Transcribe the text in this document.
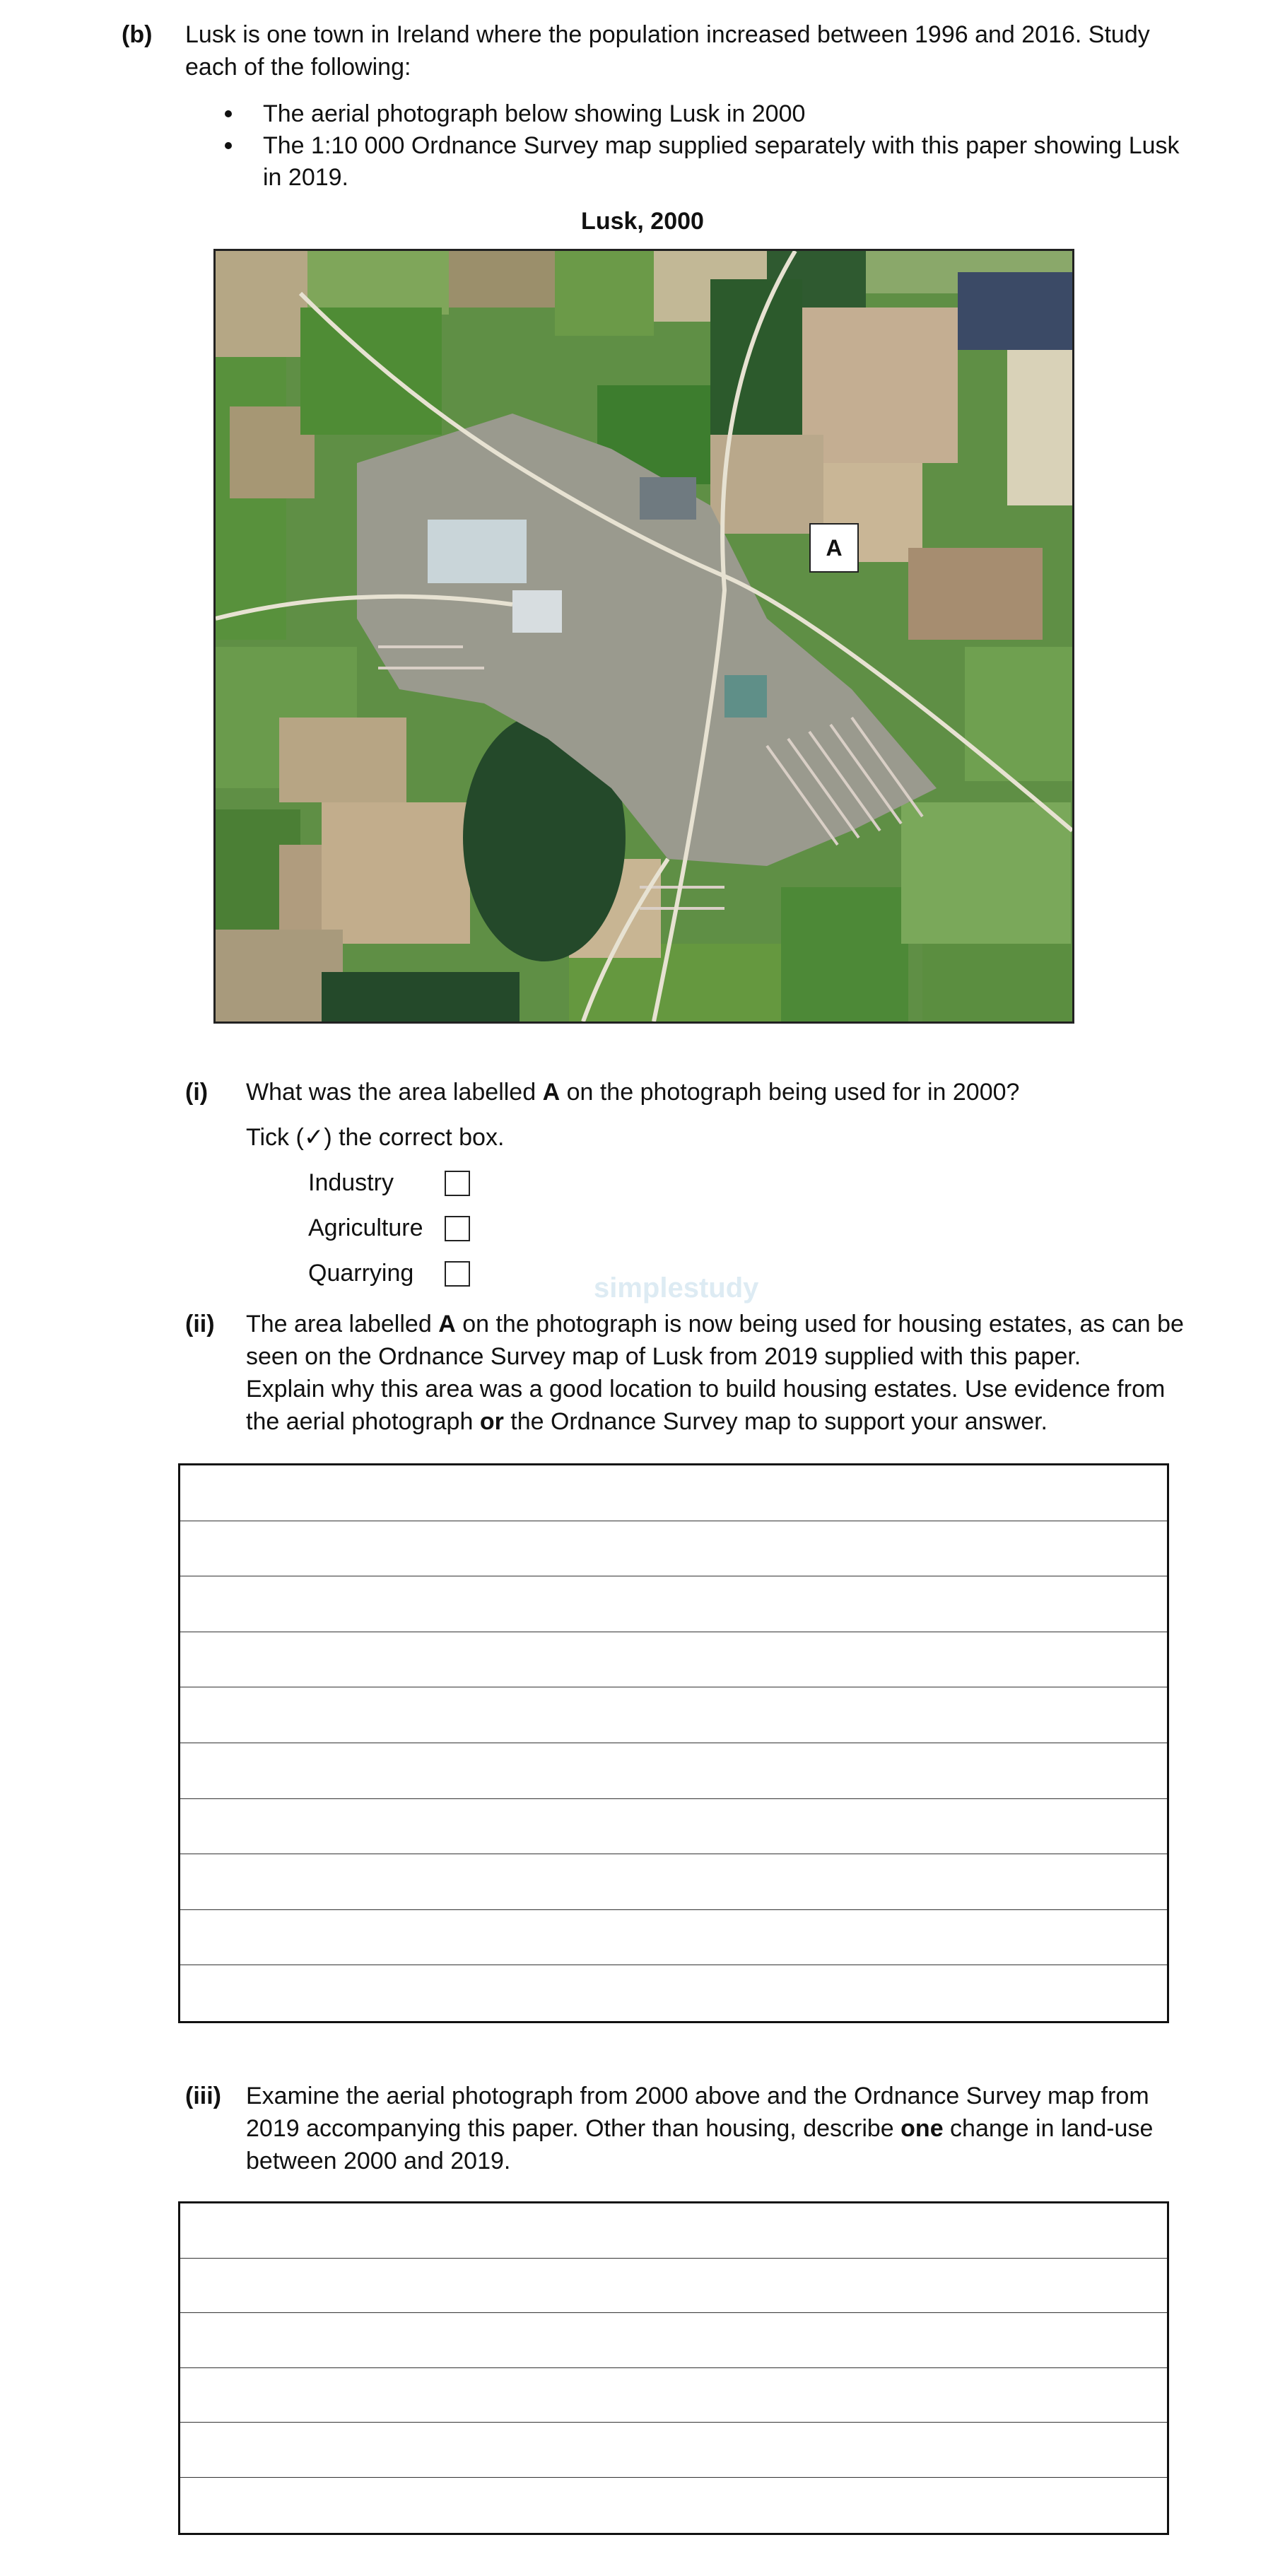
(b) Lusk is one town in Ireland where the population increased between 1996 and 2016. Study
each of the following:
The aerial photograph below showing Lusk in 2000
The 1:10 000 Ordnance Survey map supplied separately with this paper showing Lusk
in 2019.
Lusk, 2000
A
(i) What was the area labelled A on the photograph being used for in 2000?
Tick (✓) the correct box.
Industry
Agriculture
Quarrying	simplestudy
(ii) The area labelled A on the photograph is now being used for housing estates, as can be
seen on the Ordnance Survey map of Lusk from 2019 supplied with this paper.
Explain why this area was a good location to build housing estates. Use evidence from
the aerial photograph or the Ordnance Survey map to support your answer.
(iii) Examine the aerial photograph from 2000 above and the Ordnance Survey map from
2019 accompanying this paper. Other than housing, describe one change in land-use
between 2000 and 2019.
